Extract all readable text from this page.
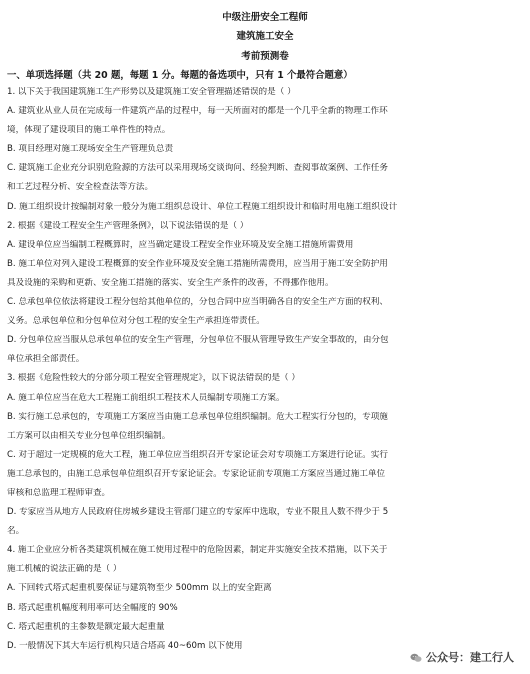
中级注册安全工程师
建筑施工安全
考前预测卷
一、单项选择题（共 20 题，每题 1 分。每题的备选项中，只有 1 个最符合题意）
1. 以下关于我国建筑施工生产形势以及建筑施工安全管理描述错误的是（ ）
A. 建筑业从业人员在完成每一件建筑产品的过程中，每一天所面对的都是一个几乎全新的物理工作环
境，体现了建设项目的施工单件性的特点。
B. 项目经理对施工现场安全生产管理负总责
C. 建筑施工企业充分识别危险源的方法可以采用现场交谈询问、经验判断、查阅事故案例、工作任务
和工艺过程分析、安全检查法等方法。
D. 施工组织设计按编制对象一般分为施工组织总设计、单位工程施工组织设计和临时用电施工组织设计
2. 根据《建设工程安全生产管理条例》，以下说法错误的是（ ）
A. 建设单位应当编制工程概算时，应当确定建设工程安全作业环境及安全施工措施所需费用
B. 施工单位对列入建设工程概算的安全作业环境及安全施工措施所需费用，应当用于施工安全防护用
具及设施的采购和更新、安全施工措施的落实、安全生产条件的改善，不得挪作他用。
C. 总承包单位依法将建设工程分包给其他单位的，分包合同中应当明确各自的安全生产方面的权利、
义务。总承包单位和分包单位对分包工程的安全生产承担连带责任。
D. 分包单位应当服从总承包单位的安全生产管理，分包单位不服从管理导致生产安全事故的，由分包
单位承担全部责任。
3. 根据《危险性较大的分部分项工程安全管理规定》，以下说法错误的是（ ）
A. 施工单位应当在危大工程施工前组织工程技术人员编制专项施工方案。
B. 实行施工总承包的，专项施工方案应当由施工总承包单位组织编制。危大工程实行分包的，专项施
工方案可以由相关专业分包单位组织编制。
C. 对于超过一定规模的危大工程，施工单位应当组织召开专家论证会对专项施工方案进行论证。实行
施工总承包的，由施工总承包单位组织召开专家论证会。专家论证前专项施工方案应当通过施工单位
审核和总监理工程师审查。
D. 专家应当从地方人民政府住房城乡建设主管部门建立的专家库中选取，专业不限且人数不得少于 5
名。
4. 施工企业应分析各类建筑机械在施工使用过程中的危险因素，制定并实施安全技术措施，以下关于
施工机械的说法正确的是（ ）
A. 下回转式塔式起重机要保证与建筑物至少 500mm 以上的安全距离
B. 塔式起重机幅度利用率可达全幅度的 90%
C. 塔式起重机的主参数是额定最大起重量
D. 一般情况下其大车运行机构只适合塔高 40~60m 以下使用
公众号：建工行人
